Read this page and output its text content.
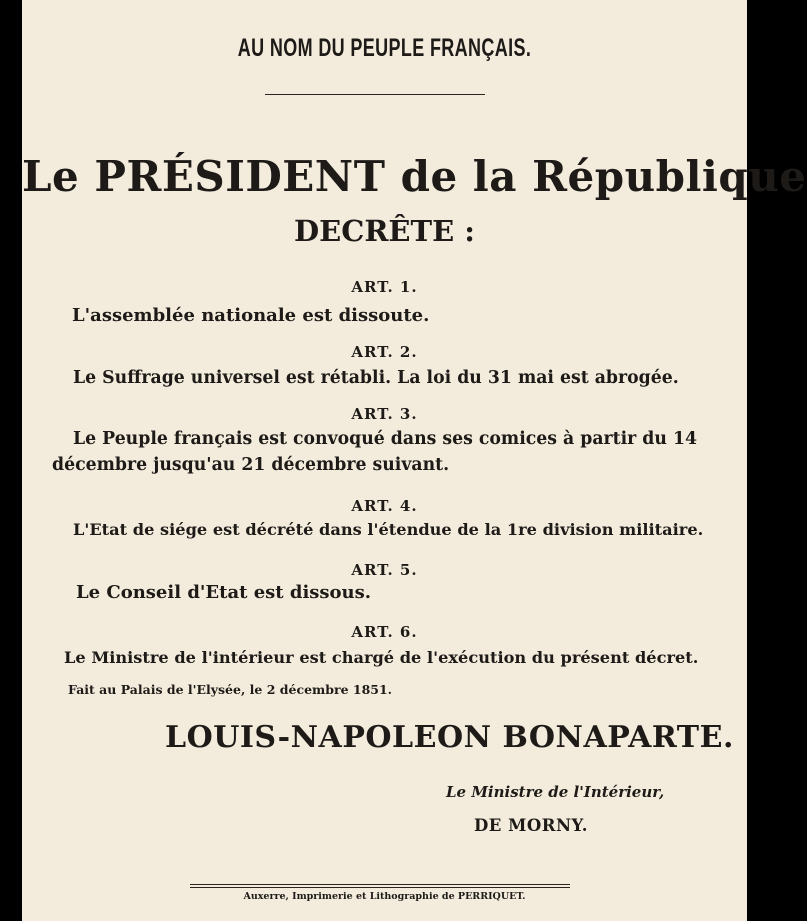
AU NOM DU PEUPLE FRANÇAIS.
Le PRÉSIDENT de la République
DECRÊTE :
ART. 1.
L'assemblée nationale est dissoute.
ART. 2.
Le Suffrage universel est rétabli. La loi du 31 mai est abrogée.
ART. 3.
Le Peuple français est convoqué dans ses comices à partir du 14
décembre jusqu'au 21 décembre suivant.
ART. 4.
L'Etat de siége est décrété dans l'étendue de la 1re division militaire.
ART. 5.
Le Conseil d'Etat est dissous.
ART. 6.
Le Ministre de l'intérieur est chargé de l'exécution du présent décret.
Fait au Palais de l'Elysée, le 2 décembre 1851.
LOUIS-NAPOLEON BONAPARTE.
Le Ministre de l'Intérieur,
DE MORNY.
Auxerre, Imprimerie et Lithographie de PERRIQUET.
